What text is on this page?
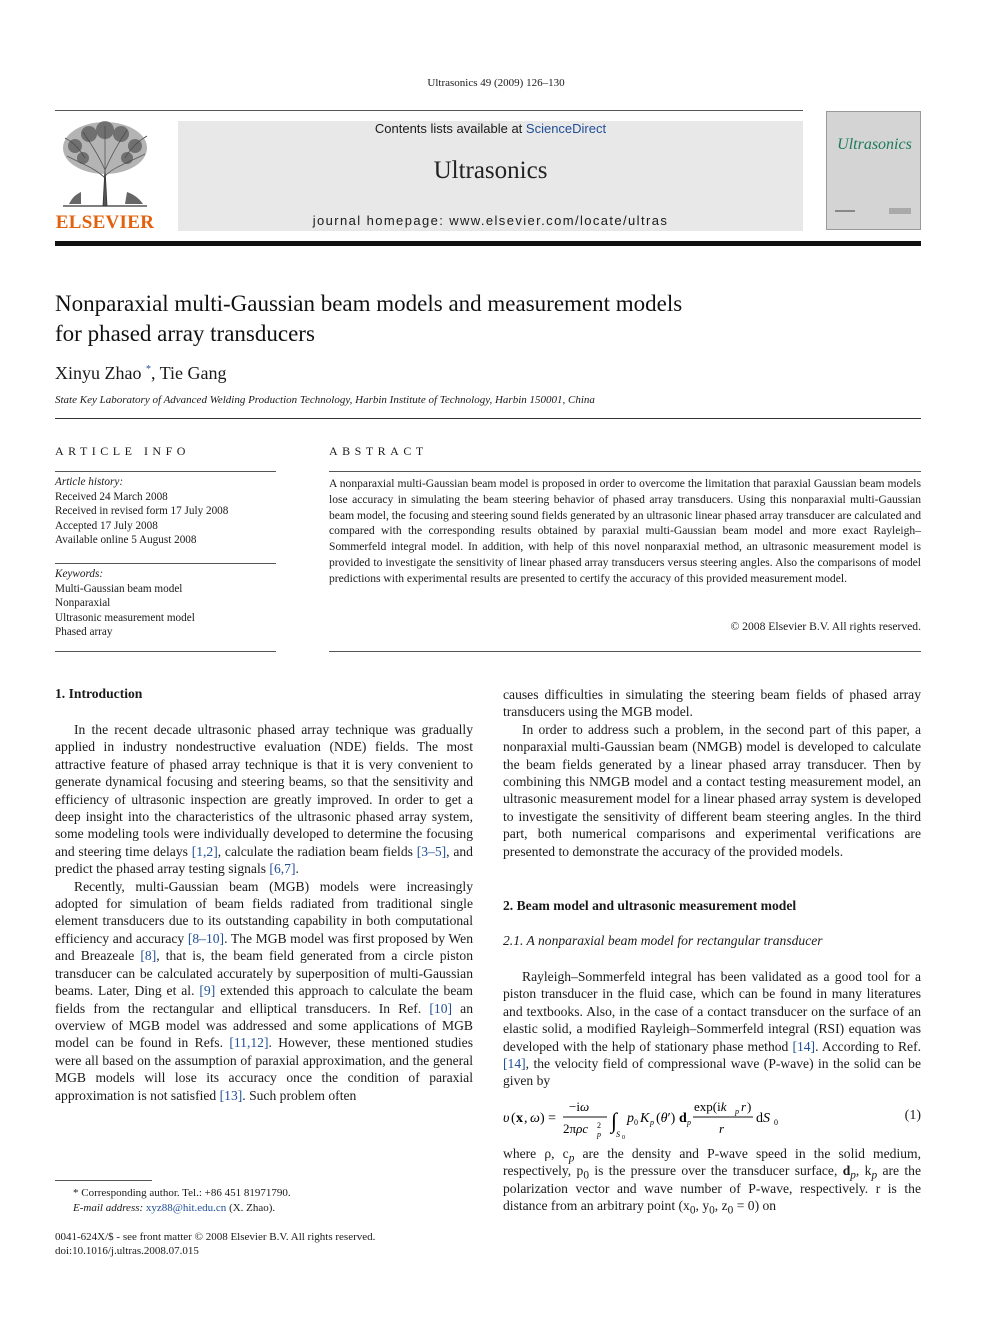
Ultrasonics 49 (2009) 126–130
ELSEVIER
Contents lists available at ScienceDirect
Ultrasonics
journal homepage: www.elsevier.com/locate/ultras
Ultrasonics
Nonparaxial multi-Gaussian beam models and measurement models
for phased array transducers
Xinyu Zhao *, Tie Gang
State Key Laboratory of Advanced Welding Production Technology, Harbin Institute of Technology, Harbin 150001, China
ARTICLE INFO	ABSTRACT
Article history:
Received 24 March 2008
Received in revised form 17 July 2008
Accepted 17 July 2008
Available online 5 August 2008
Keywords:
Multi-Gaussian beam model
Nonparaxial
Ultrasonic measurement model
Phased array
A nonparaxial multi-Gaussian beam model is proposed in order to overcome the limitation that paraxial Gaussian beam models lose accuracy in simulating the beam steering behavior of phased array transducers. Using this nonparaxial multi-Gaussian beam model, the focusing and steering sound fields generated by an ultrasonic linear phased array transducer are calculated and compared with the corresponding results obtained by paraxial multi-Gaussian beam model and more exact Rayleigh–Sommerfeld integral model. In addition, with help of this novel nonparaxial method, an ultrasonic measurement model is provided to investigate the sensitivity of linear phased array transducers versus steering angles. Also the comparisons of model predictions with experimental results are presented to certify the accuracy of this provided measurement model.
© 2008 Elsevier B.V. All rights reserved.
1. Introduction

In the recent decade ultrasonic phased array technique was gradually applied in industry nondestructive evaluation (NDE) fields. The most attractive feature of phased array technique is that it is very convenient to generate dynamical focusing and steering beams, so that the sensitivity and efficiency of ultrasonic inspection are greatly improved. In order to get a deep insight into the characteristics of the ultrasonic phased array system, some modeling tools were individually developed to determine the focusing and steering time delays [1,2], calculate the radiation beam fields [3–5], and predict the phased array testing signals [6,7].

Recently, multi-Gaussian beam (MGB) models were increasingly adopted for simulation of beam fields radiated from traditional single element transducers due to its outstanding capability in both computational efficiency and accuracy [8–10]. The MGB model was first proposed by Wen and Breazeale [8], that is, the beam field generated from a circle piston transducer can be calculated accurately by superposition of multi-Gaussian beams. Later, Ding et al. [9] extended this approach to calculate the beam fields from the rectangular and elliptical transducers. In Ref. [10] an overview of MGB model was addressed and some applications of MGB model can be found in Refs. [11,12]. However, these mentioned studies were all based on the assumption of paraxial approximation, and the general MGB models will lose its accuracy once the condition of paraxial approximation is not satisfied [13]. Such problem often

causes difficulties in simulating the steering beam fields of phased array transducers using the MGB model.

In order to address such a problem, in the second part of this paper, a nonparaxial multi-Gaussian beam (NMGB) model is developed to calculate the beam fields generated by a linear phased array transducer. Then by combining this NMGB model and a contact testing measurement model, an ultrasonic measurement model for a linear phased array system is developed to investigate the sensitivity of different beam steering angles. In the third part, both numerical comparisons and experimental verifications are presented to demonstrate the accuracy of the provided models.

2. Beam model and ultrasonic measurement model
2.1. A nonparaxial beam model for rectangular transducer

Rayleigh–Sommerfeld integral has been validated as a good tool for a piston transducer in the fluid case, which can be found in many literatures and textbooks. Also, in the case of a contact transducer on the surface of an elastic solid, a modified Rayleigh–Sommerfeld integral (RSI) equation was developed with the help of stationary phase method [14]. According to Ref. [14], the velocity field of compressional wave (P-wave) in the solid can be given by

υ ( x , ω ) =
−iω
2πρc p
2 ∫
S 0
p 0 K p (θ′) d p
exp(ik p r )
r
dS 0	(1)

where ρ, $c_p$ are the density and P-wave speed in the solid medium, respectively, $p_0$ is the pressure over the transducer surface, $d_p$, $k_p$ are the polarization vector and wave number of P-wave, respectively. r is the distance from an arbitrary point ($x_0$, $y_0$, $z_0 = 0$) on

* Corresponding author. Tel.: +86 451 81971790.
E-mail address: xyz88@hit.edu.cn (X. Zhao).
0041-624X/$ - see front matter © 2008 Elsevier B.V. All rights reserved.
doi:10.1016/j.ultras.2008.07.015
